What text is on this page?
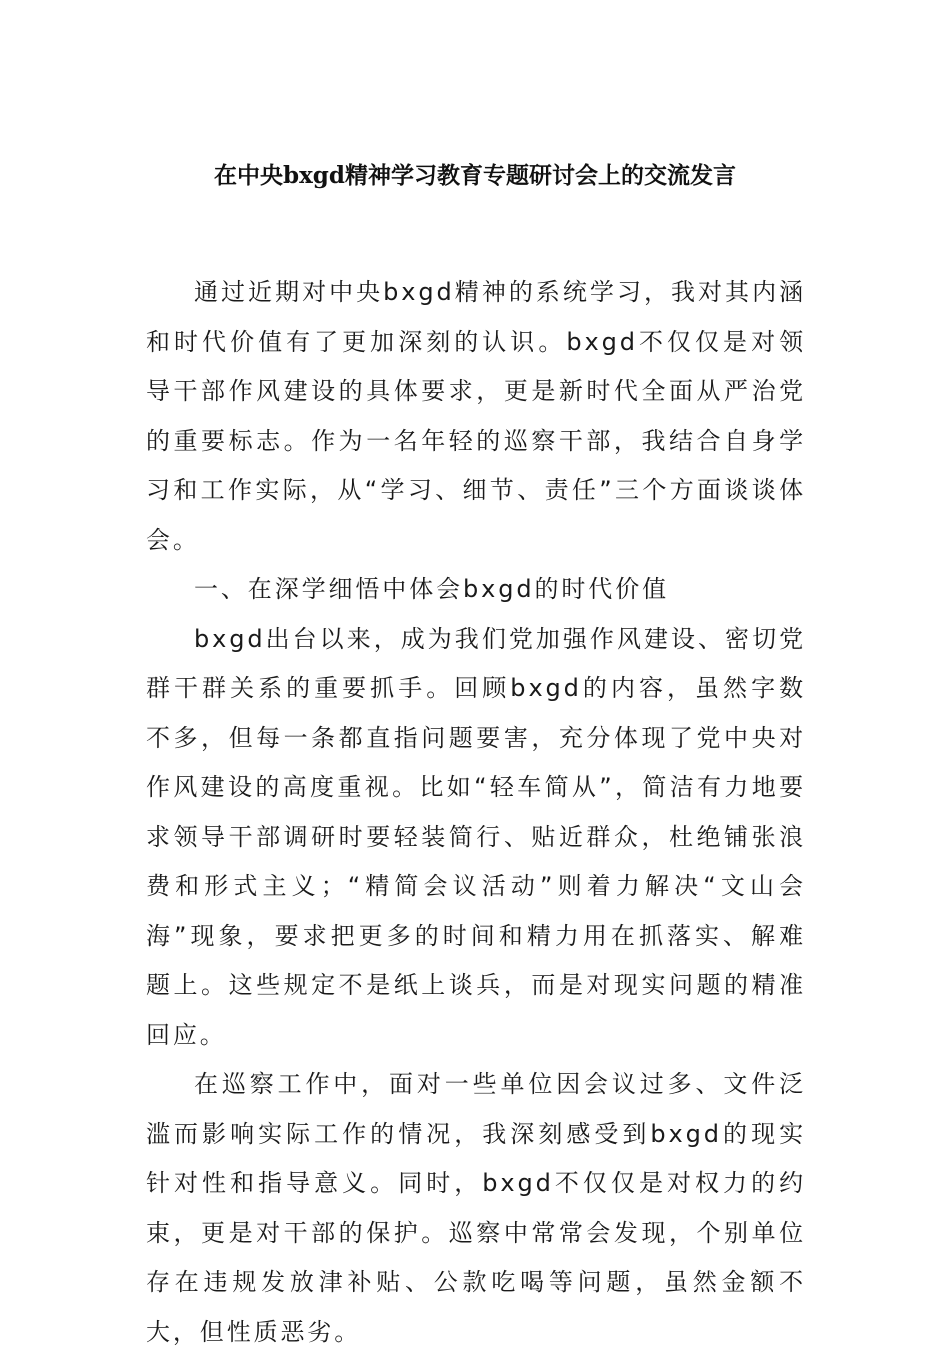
在中央bxgd精神学习教育专题研讨会上的交流发言

通过近期对中央bxgd精神的系统学习，我对其内涵和时代价值有了更加深刻的认识。bxgd不仅仅是对领导干部作风建设的具体要求，更是新时代全面从严治党的重要标志。作为一名年轻的巡察干部，我结合自身学习和工作实际，从“学习、细节、责任”三个方面谈谈体会。

一、在深学细悟中体会bxgd的时代价值

bxgd出台以来，成为我们党加强作风建设、密切党群干群关系的重要抓手。回顾bxgd的内容，虽然字数不多，但每一条都直指问题要害，充分体现了党中央对作风建设的高度重视。比如“轻车简从”，简洁有力地要求领导干部调研时要轻装简行、贴近群众，杜绝铺张浪费和形式主义；“精简会议活动”则着力解决“文山会海”现象，要求把更多的时间和精力用在抓落实、解难题上。这些规定不是纸上谈兵，而是对现实问题的精准回应。

在巡察工作中，面对一些单位因会议过多、文件泛滥而影响实际工作的情况，我深刻感受到bxgd的现实针对性和指导意义。同时，bxgd不仅仅是对权力的约束，更是对干部的保护。巡察中常常会发现，个别单位存在违规发放津补贴、公款吃喝等问题，虽然金额不大，但性质恶劣。
